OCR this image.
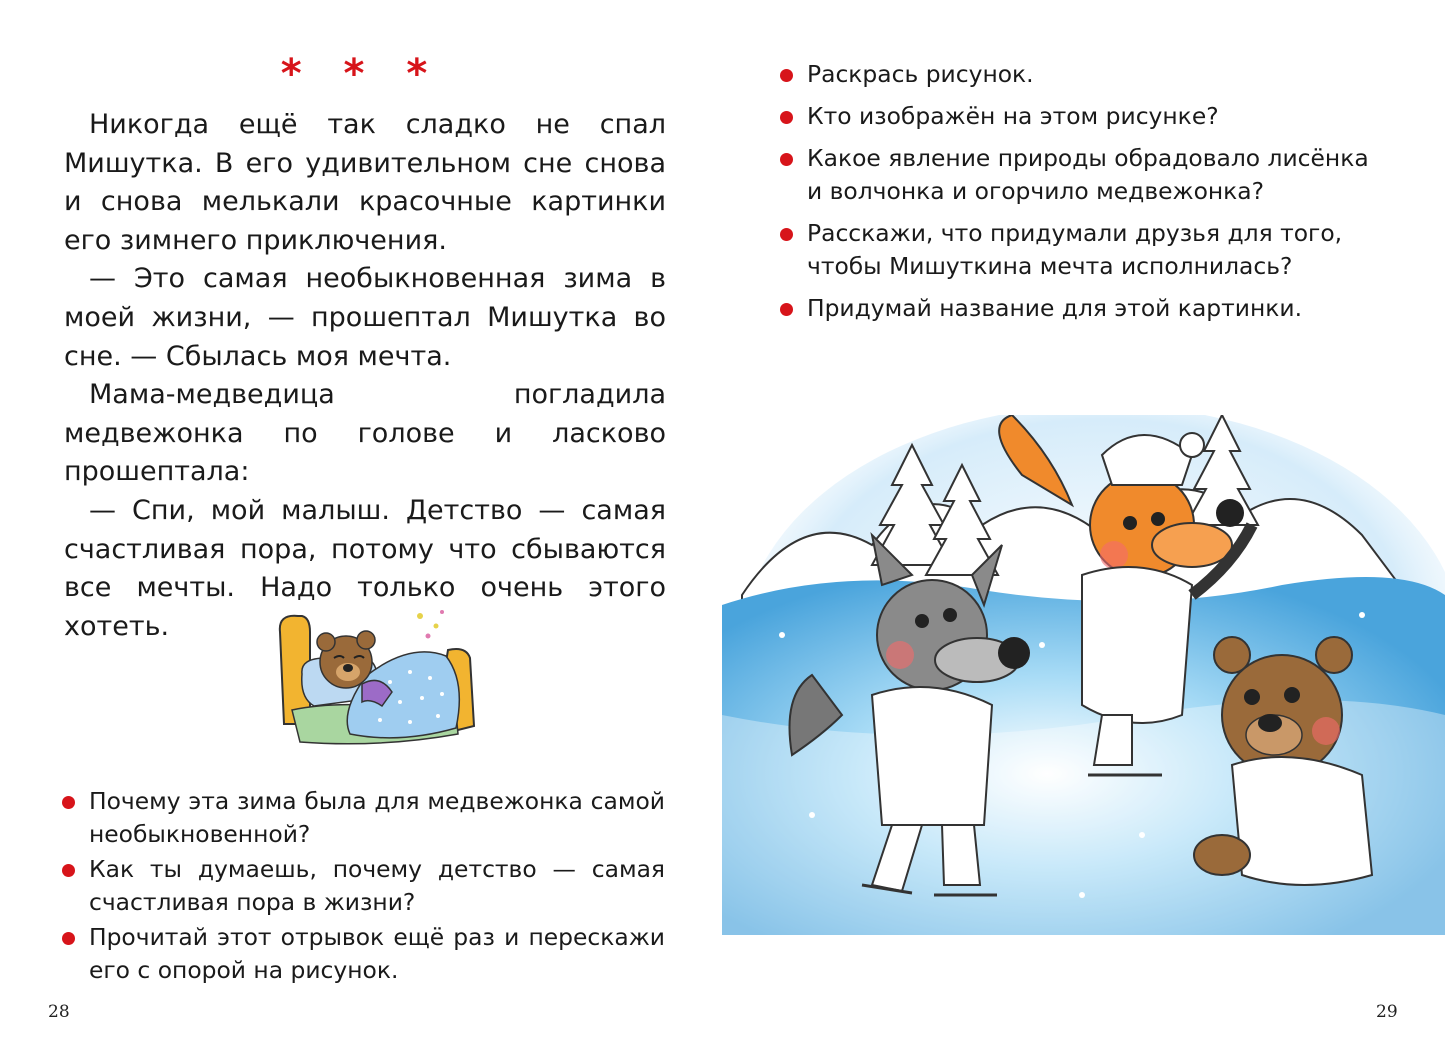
* * *

Никогда ещё так сладко не спал Мишутка. В его удивительном сне снова и снова мелькали красочные картинки его зимнего приключения.

— Это самая необыкновенная зима в моей жизни, — прошептал Мишутка во сне. — Сбылась моя мечта.

Мама-медведица погладила медвежонка по голове и ласково прошептала:

— Спи, мой малыш. Детство — самая счастливая пора, потому что сбываются все мечты. Надо только очень этого хотеть.

Почему эта зима была для медвежонка самой необыкновенной?
Как ты думаешь, почему детство — самая счастливая пора в жизни?
Прочитай этот отрывок ещё раз и перескажи его с опорой на рисунок.
28
Раскрась рисунок.
Кто изображён на этом рисунке?
Какое явление природы обрадовало лисёнка и волчонка и огорчило медвежонка?
Расскажи, что придумали друзья для того, чтобы Мишуткина мечта исполнилась?
Придумай название для этой картинки.
29
